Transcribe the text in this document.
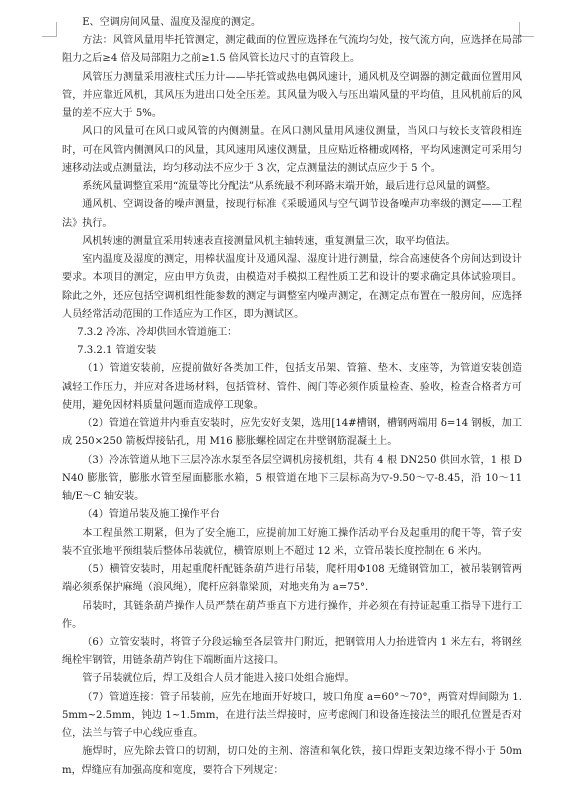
E、空调房间风量、温度及湿度的测定。

方法：风管风量用毕托管测定，测定截面的位置应选择在气流均匀处，按气流方向，应选择在局部阻力之后≥4 倍及局部阻力之前≥1.5 倍风管长边尺寸的直管段上。

风管压力测量采用液柱式压力计——毕托管或热电偶风速计，通风机及空调器的测定截面位置用风管，并应靠近风机，其风压为进出口处全压差。其风量为吸入与压出端风量的平均值，且风机前后的风量的差不应大于 5%。

风口的风量可在风口或风管的内侧测量。在风口测风量用风速仪测量，当风口与较长支管段相连时，可在风管内侧测风口的风量，其风速用风速仪测量，且应贴近格栅或网格，平均风速测定可采用匀速移动法或点测量法，均匀移动法不应少于 3 次，定点测量法的测试点应少于 5 个。

系统风量调整宜采用“流量等比分配法”从系统最不利环路末端开始，最后进行总风量的调整。

通风机、空调设备的噪声测量，按现行标准《采暖通风与空气调节设备噪声功率级的测定——工程法》执行。

风机转速的测量宜采用转速表直接测量风机主轴转速，重复测量三次，取平均值法。

室内温度及湿度的测定，用棒状温度计及通风湿、湿度计进行测量，综合高速使各个房间达到设计要求。本项目的测定，应由甲方负责，由模造对手模拟工程性质工艺和设计的要求确定具体试验项目。除此之外，还应包括空调机组性能参数的测定与调整室内噪声测定，在测定点布置在一般房间，应选择人员经常活动范围的工作适应为工作区，即为测试区。

7.3.2 冷冻、冷却供回水管道施工：

7.3.2.1 管道安装

（1）管道安装前，应提前做好各类加工件，包括支吊架、管箍、垫木、支座等，为管道安装创造减轻工作压力，并应对各进场材料，包括管材、管件、阀门等必须作质量检查、验收，检查合格者方可使用，避免因材料质量问题而造成停工现象。

（2）管道在管道井内垂直安装时，应先安好支架，选用[14#槽钢，槽钢两端用 δ=14 钢板，加工成 250×250 箭板焊接钻孔，用 M16 膨胀螺栓固定在井壁钢筋混凝土上。

（3）冷冻管道从地下三层冷冻水泵至各层空调机房接机组，共有 4 根 DN250 供回水管，1 根 DN40 膨胀管，膨胀水管至屋面膨胀水箱，5 根管道在地下三层标高为▽-9.50～▽-8.45，沿 10～11 轴/E～C 轴安装。

（4）管道吊装及施工操作平台

本工程虽然工期紧，但为了安全施工，应提前加工好施工操作活动平台及起重用的爬干等，管子安装不宜张地平预组装后整体吊装就位，横管原则上不超过 12 米，立管吊装长度控制在 6 米内。

（5）横管安装时，用起重爬杆配链条葫芦进行吊装，爬杆用Φ108 无缝钢管加工，被吊装钢管两端必须系保护麻绳（浪风绳），爬杆应斜靠梁顶，对地夹角为 a=75°.

吊装时，其链条葫芦操作人员严禁在葫芦垂直下方进行操作，并必须在有持证起重工指导下进行工作。

（6）立管安装时，将管子分段运输至各层管井门附近，把钢管用人力抬进管内 1 米左右，将钢丝绳栓牢钢管，用链条葫芦钩住下端断面片这接口。

管子吊装就位后，焊工及组合人员才能进入接口处组合施焊。

（7）管道连接：管子吊装前，应先在地面开好坡口，坡口角度 a=60°～70°，两管对焊间隙为 1.5mm~2.5mm，钝边 1~1.5mm，在进行法兰焊接时，应考虑阀门和设备连接法兰的眼孔位置是否对位，法兰与管子中心线应垂直。

施焊时，应先除去管口的切割，切口处的主剂、溶渣和氧化铁，接口焊距支架边缘不得小于 50mm，焊缝应有加强高度和宽度，要符合下列规定：
